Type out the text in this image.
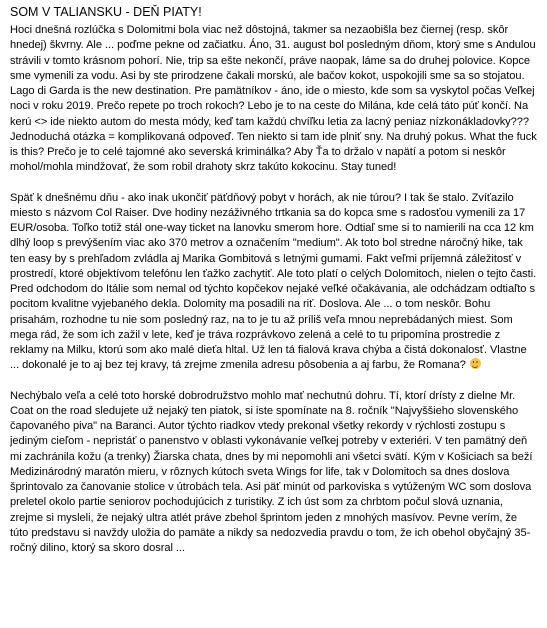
SOM V TALIANSKU - DEŇ PIATY!

Hoci dnešná rozlúčka s Dolomitmi bola viac než dôstojná, takmer sa nezaobišla bez čiernej (resp. skôr hnedej) škvrny. Ale ... poďme pekne od začiatku. Áno, 31. august bol posledným dňom, ktorý sme s Andulou strávili v tomto krásnom pohorí. Nie, trip sa ešte nekončí, práve naopak, láme sa do druhej polovice. Kopce sme vymenili za vodu. Asi by ste prirodzene čakali morskú, ale bačov kokot, uspokojili sme sa so stojatou. Lago di Garda is the new destination. Pre pamätníkov - áno, ide o miesto, kde som sa vyskytol počas Veľkej noci v roku 2019. Prečo repete po troch rokoch? Lebo je to na ceste do Milána, kde celá táto púť končí. Na kerú <> ide niekto autom do mesta módy, keď tam každú chvíľku letia za lacný peniaz nízkonákladovky??? Jednoduchá otázka = komplikovaná odpoveď. Ten niekto si tam ide plniť sny. Na druhý pokus. What the fuck is this? Prečo je to celé tajomné ako severská kriminálka? Aby Ťa to držalo v napätí a potom si neskôr mohol/mohla mindžovať, že som robil drahoty skrz takúto kokocinu. Stay tuned!

Späť k dnešnému dňu - ako inak ukončiť päťdňový pobyt v horách, ak nie túrou? I tak še stalo. Zvíťazilo miesto s názvom Col Raiser. Dve hodiny nezáživného trtkania sa do kopca sme s radosťou vymenili za 17 EUR/osoba. Toľko totiž stál one-way ticket na lanovku smerom hore. Odtiaľ sme si to namierili na cca 12 km dlhý loop s prevýšením viac ako 370 metrov a označením "medium". Ak toto bol stredne náročný hike, tak ten easy by s prehľadom zvládla aj Marika Gombitová s letnými gumami. Fakt veľmi príjemná záležitosť v prostredí, ktoré objektívom telefónu len ťažko zachytiť. Ale toto platí o celých Dolomitoch, nielen o tejto časti. Pred odchodom do Itálie som nemal od týchto kopčekov nejaké veľké očakávania, ale odchádzam odtiaľto s pocitom kvalitne vyjebaného dekla. Dolomity ma posadili na riť. Doslova. Ale ... o tom neskôr. Bohu prisahám, rozhodne tu nie som posledný raz, na to je tu až príliš veľa mnou neprebádaných miest. Som mega rád, že som ich zažil v lete, keď je tráva rozprávkovo zelená a celé to tu pripomína prostredie z reklamy na Milku, ktorú som ako malé dieťa hltal. Už len tá fialová krava chýba a čistá dokonalosť. Vlastne ... dokonalé je to aj bez tej kravy, tá zrejme zmenila adresu pôsobenia a aj farbu, že Romana?

Nechýbalo veľa a celé toto horské dobrodružstvo mohlo mať nechutnú dohru. Tí, ktorí drísty z dielne Mr. Coat on the road sledujete už nejaký ten piatok, si iste spomínate na 8. ročník "Najvyššieho slovenského čapovaného piva" na Baranci. Autor týchto riadkov vtedy prekonal všetky rekordy v rýchlosti zostupu s jediným cieľom - nepristáť o panenstvo v oblasti vykonávanie veľkej potreby v exteriéri. V ten pamätný deň mi zachránila kožu (a trenky) Žiarska chata, dnes by mi nepomohli ani všetci svätí. Kým v Košiciach sa beží Medizinárodný maratón mieru, v rôznych kútoch sveta Wings for life, tak v Dolomitoch sa dnes doslova šprintovalo za čanovanie stolice v útrobách tela. Asi päť minút od parkoviska s vytúženým WC som doslova preletel okolo partie seniorov pochodujúcich z turistiky. Z ich úst som za chrbtom počul slová uznania, zrejme si mysleli, že nejaký ultra atlét práve zbehol šprintom jeden z mnohých masívov. Pevne verím, že túto predstavu si navždy uložia do pamäte a nikdy sa nedozvedia pravdu o tom, že ich obehol obyčajný 35-ročný dilino, ktorý sa skoro dosral ...
